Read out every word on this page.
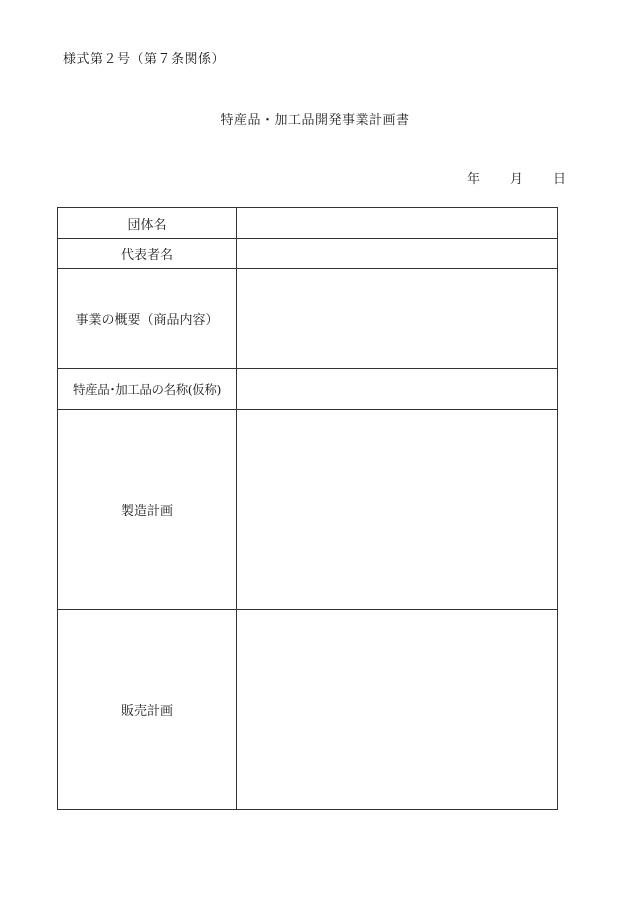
様式第２号（第７条関係）
特産品・加工品開発事業計画書
年 月 日
団体名	
代表者名	
事業の概要（商品内容）	
特産品･加工品の名称(仮称)	
製造計画	
販売計画	
